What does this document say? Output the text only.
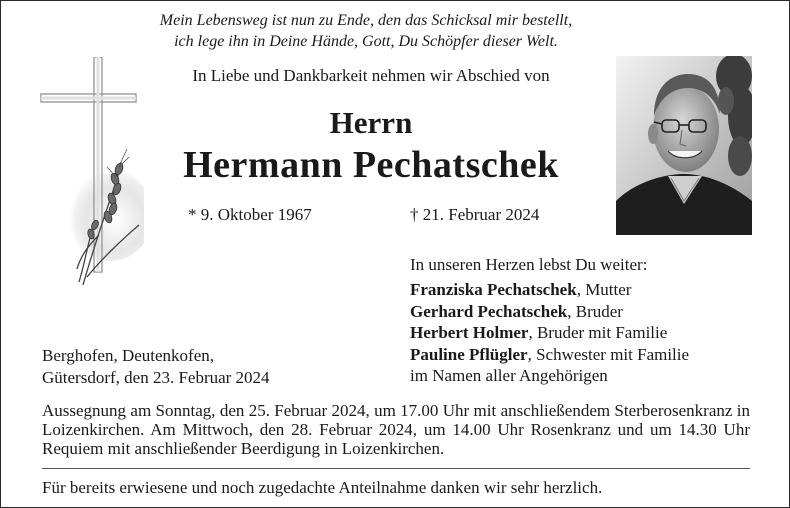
Mein Lebensweg ist nun zu Ende, den das Schicksal mir bestellt,
ich lege ihn in Deine Hände, Gott, Du Schöpfer dieser Welt.
In Liebe und Dankbarkeit nehmen wir Abschied von
Herrn
Hermann Pechatschek
* 9. Oktober 1967	† 21. Februar 2024
In unseren Herzen lebst Du weiter:
Franziska Pechatschek, Mutter
Gerhard Pechatschek, Bruder
Herbert Holmer, Bruder mit Familie
Pauline Pflügler, Schwester mit Familie
im Namen aller Angehörigen
Berghofen, Deutenkofen,
Gütersdorf, den 23. Februar 2024
Aussegnung am Sonntag, den 25. Februar 2024, um 17.00 Uhr mit anschließendem Sterberosenkranz in Loizenkirchen. Am Mittwoch, den 28. Februar 2024, um 14.00 Uhr Rosenkranz und um 14.30 Uhr Requiem mit anschließender Beerdigung in Loizenkirchen.
Für bereits erwiesene und noch zugedachte Anteilnahme danken wir sehr herzlich.
